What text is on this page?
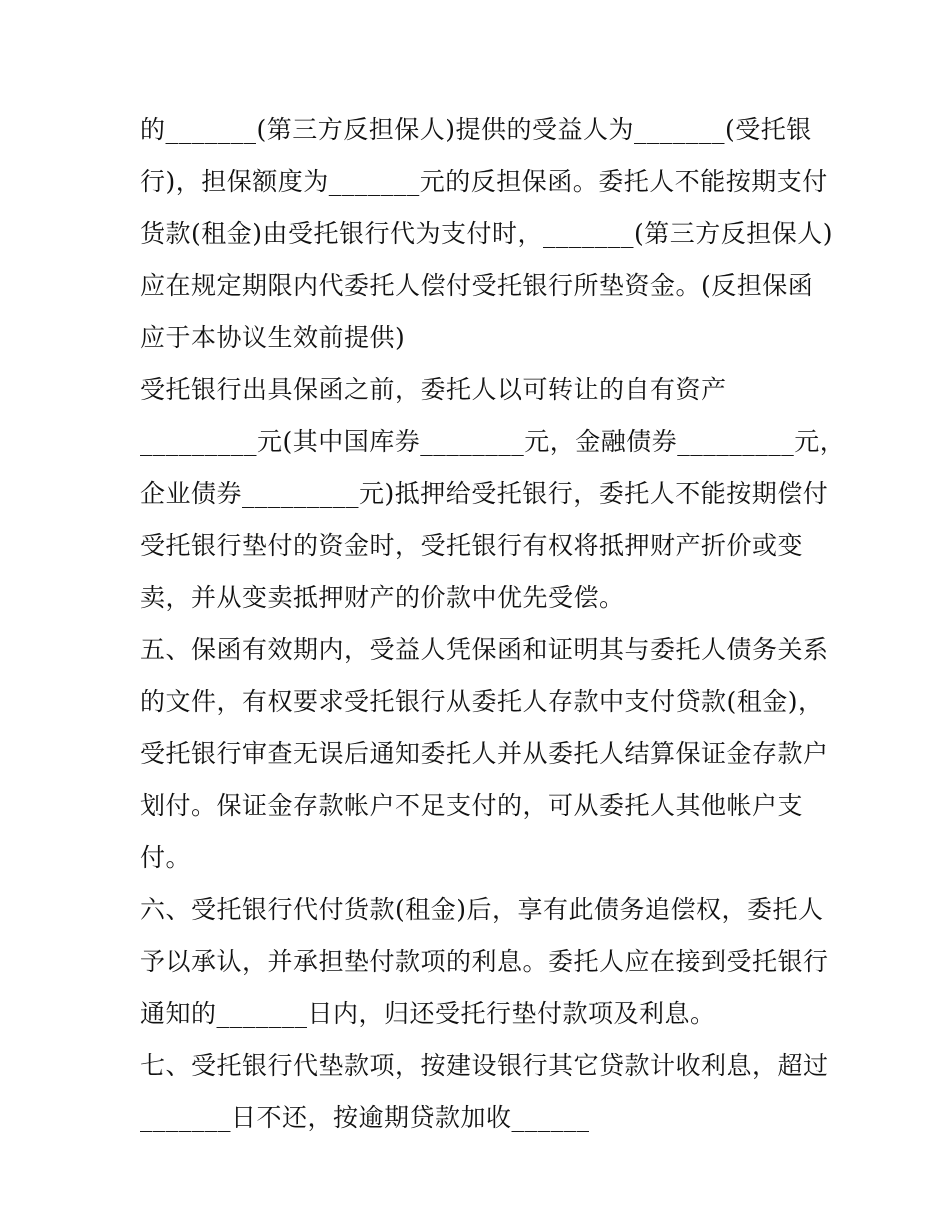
的_______(第三方反担保人)提供的受益人为_______(受托银
行)，担保额度为_______元的反担保函。委托人不能按期支付
货款(租金)由受托银行代为支付时，_______(第三方反担保人)
应在规定期限内代委托人偿付受托银行所垫资金。(反担保函
应于本协议生效前提供)
受托银行出具保函之前，委托人以可转让的自有资产
_________元(其中国库券________元，金融债券_________元，
企业债券_________元)抵押给受托银行，委托人不能按期偿付
受托银行垫付的资金时，受托银行有权将抵押财产折价或变
卖，并从变卖抵押财产的价款中优先受偿。
五、保函有效期内，受益人凭保函和证明其与委托人债务关系
的文件，有权要求受托银行从委托人存款中支付贷款(租金)，
受托银行审查无误后通知委托人并从委托人结算保证金存款户
划付。保证金存款帐户不足支付的，可从委托人其他帐户支
付。
六、受托银行代付货款(租金)后，享有此债务追偿权，委托人
予以承认，并承担垫付款项的利息。委托人应在接到受托银行
通知的_______日内，归还受托行垫付款项及利息。
七、受托银行代垫款项，按建设银行其它贷款计收利息，超过
_______日不还，按逾期贷款加收______
